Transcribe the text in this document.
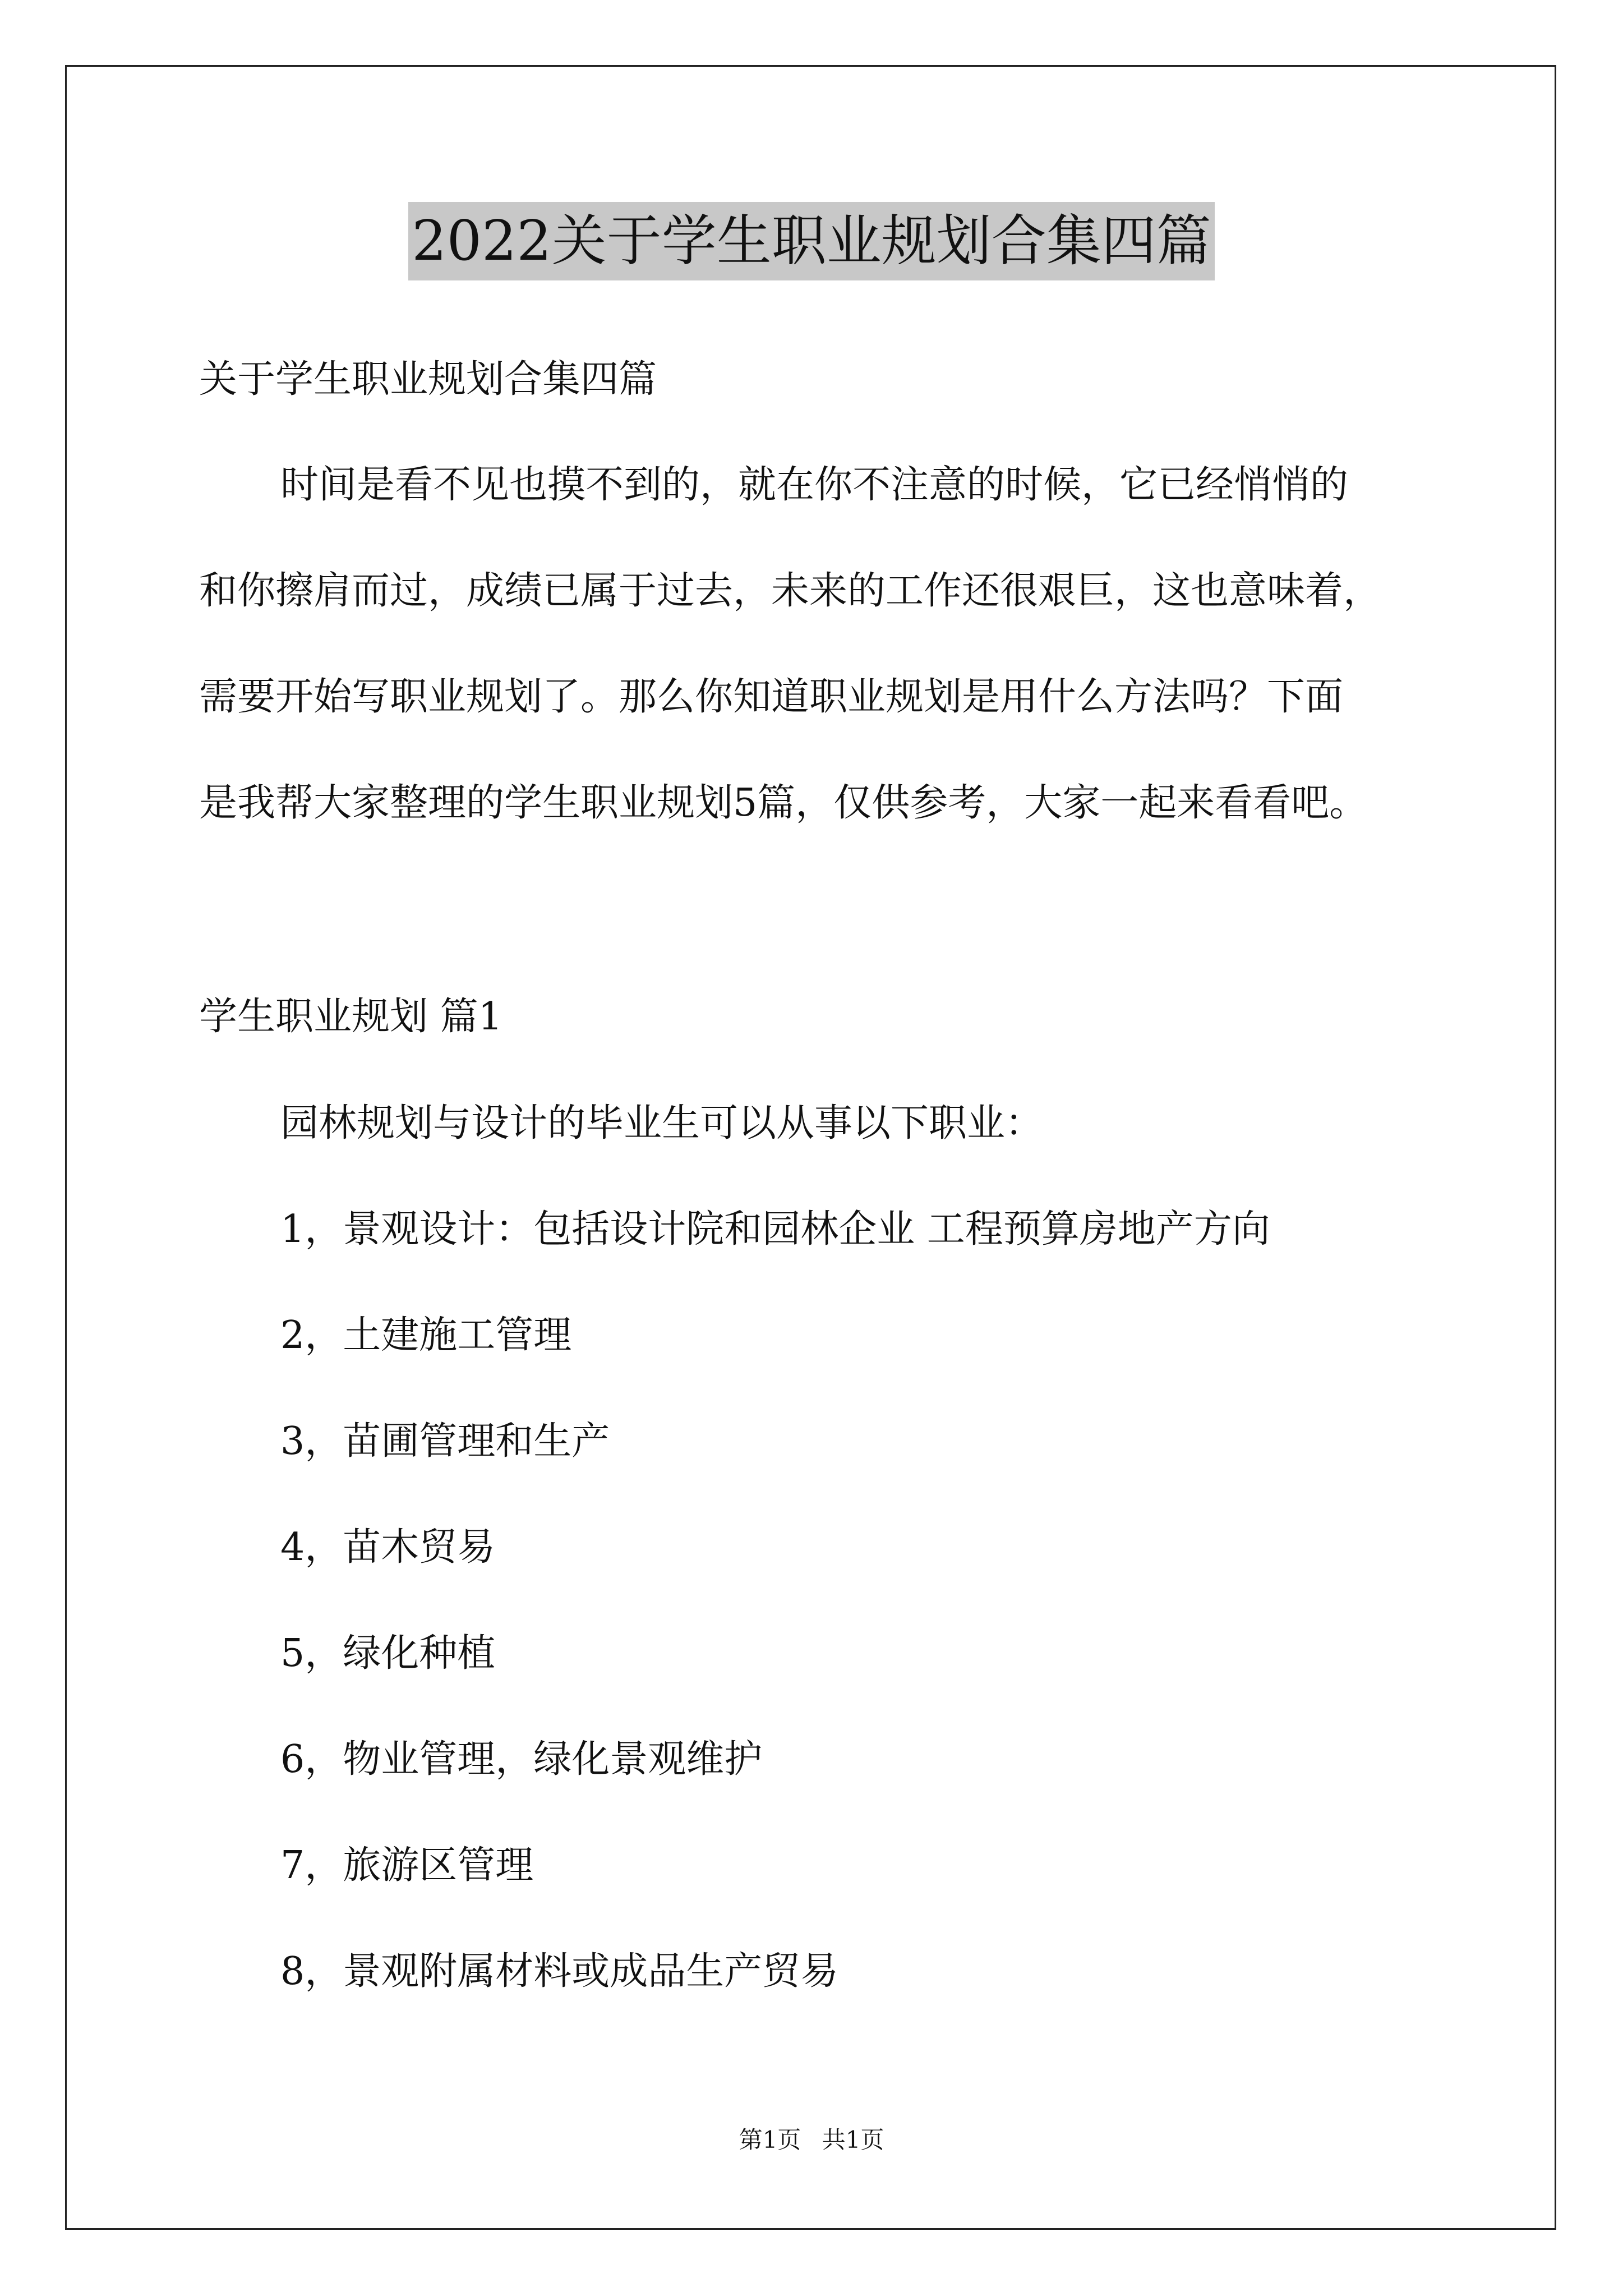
2022关于学生职业规划合集四篇
关于学生职业规划合集四篇
时间是看不见也摸不到的，就在你不注意的时候，它已经悄悄的
和你擦肩而过，成绩已属于过去，未来的工作还很艰巨，这也意味着，
需要开始写职业规划了。那么你知道职业规划是用什么方法吗？下面
是我帮大家整理的学生职业规划5篇，仅供参考，大家一起来看看吧。
学生职业规划 篇1
园林规划与设计的毕业生可以从事以下职业：
1，景观设计：包括设计院和园林企业 工程预算房地产方向
2，土建施工管理
3，苗圃管理和生产
4，苗木贸易
5，绿化种植
6，物业管理，绿化景观维护
7，旅游区管理
8，景观附属材料或成品生产贸易
第1页 共1页
